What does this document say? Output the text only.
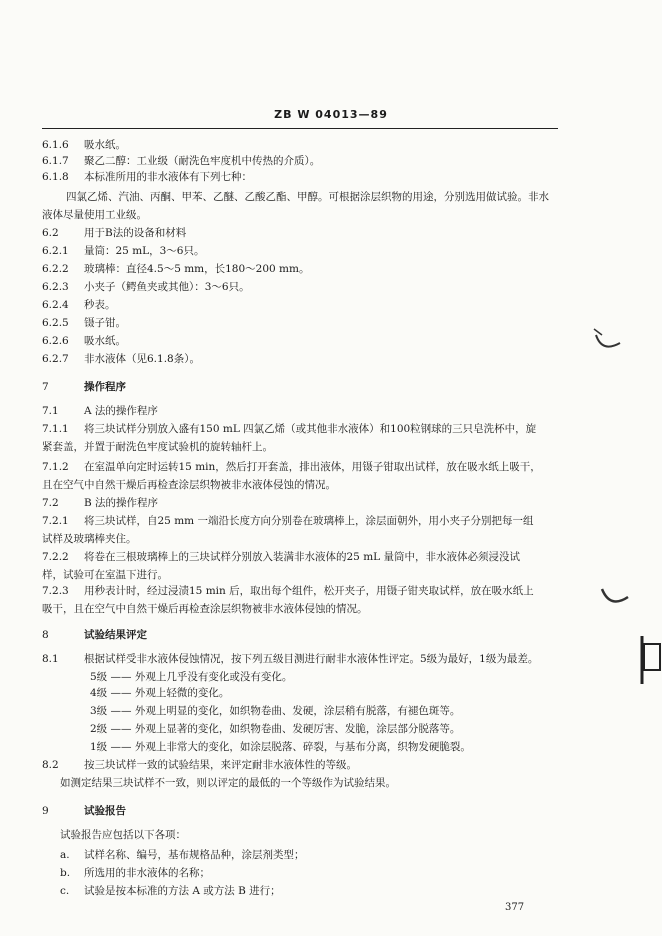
ZB W 04013—89
6.1.6 吸水纸。
6.1.7 聚乙二醇：工业级（耐洗色牢度机中传热的介质）。
6.1.8 本标准所用的非水液体有下列七种：
四氯乙烯、汽油、丙酮、甲苯、乙醚、乙酸乙酯、甲醇。可根据涂层织物的用途，分别选用做试验。非水
液体尽量使用工业级。
6.2 用于B法的设备和材料
6.2.1 量筒：25 mL，3～6只。
6.2.2 玻璃棒：直径4.5～5 mm，长180～200 mm。
6.2.3 小夹子（鳄鱼夹或其他）：3～6只。
6.2.4 秒表。
6.2.5 镊子钳。
6.2.6 吸水纸。
6.2.7 非水液体（见6.1.8条）。
7	操作程序
7.1 A 法的操作程序
7.1.1 将三块试样分别放入盛有150 mL 四氯乙烯（或其他非水液体）和100粒钢球的三只皂洗杯中，旋
紧套盖，并置于耐洗色牢度试验机的旋转轴杆上。
7.1.2 在室温单向定时运转15 min，然后打开套盖，排出液体，用镊子钳取出试样，放在吸水纸上吸干，
且在空气中自然干燥后再检查涂层织物被非水液体侵蚀的情况。
7.2 B 法的操作程序
7.2.1 将三块试样，自25 mm 一端沿长度方向分别卷在玻璃棒上，涂层面朝外，用小夹子分别把每一组
试样及玻璃棒夹住。
7.2.2 将卷在三根玻璃棒上的三块试样分别放入装满非水液体的25 mL 量筒中，非水液体必须浸没试
样，试验可在室温下进行。
7.2.3 用秒表计时，经过浸渍15 min 后，取出每个组件，松开夹子，用镊子钳夹取试样，放在吸水纸上
吸干，且在空气中自然干燥后再检查涂层织物被非水液体侵蚀的情况。
8	试验结果评定
8.1 根据试样受非水液体侵蚀情况，按下列五级目测进行耐非水液体性评定。5级为最好，1级为最差。
5级 —— 外观上几乎没有变化或没有变化。
4级 —— 外观上轻微的变化。
3级 —— 外观上明显的变化，如织物卷曲、发硬，涂层稍有脱落，有褪色斑等。
2级 —— 外观上显著的变化，如织物卷曲、发硬厉害、发脆，涂层部分脱落等。
1级 —— 外观上非常大的变化，如涂层脱落、碎裂，与基布分离，织物发硬脆裂。
8.2 按三块试样一致的试验结果，来评定耐非水液体性的等级。
如测定结果三块试样不一致，则以评定的最低的一个等级作为试验结果。
9	试验报告
试验报告应包括以下各项：
a. 试样名称、编号，基布规格品种，涂层剂类型；
b. 所选用的非水液体的名称；
c. 试验是按本标准的方法 A 或方法 B 进行；
377
